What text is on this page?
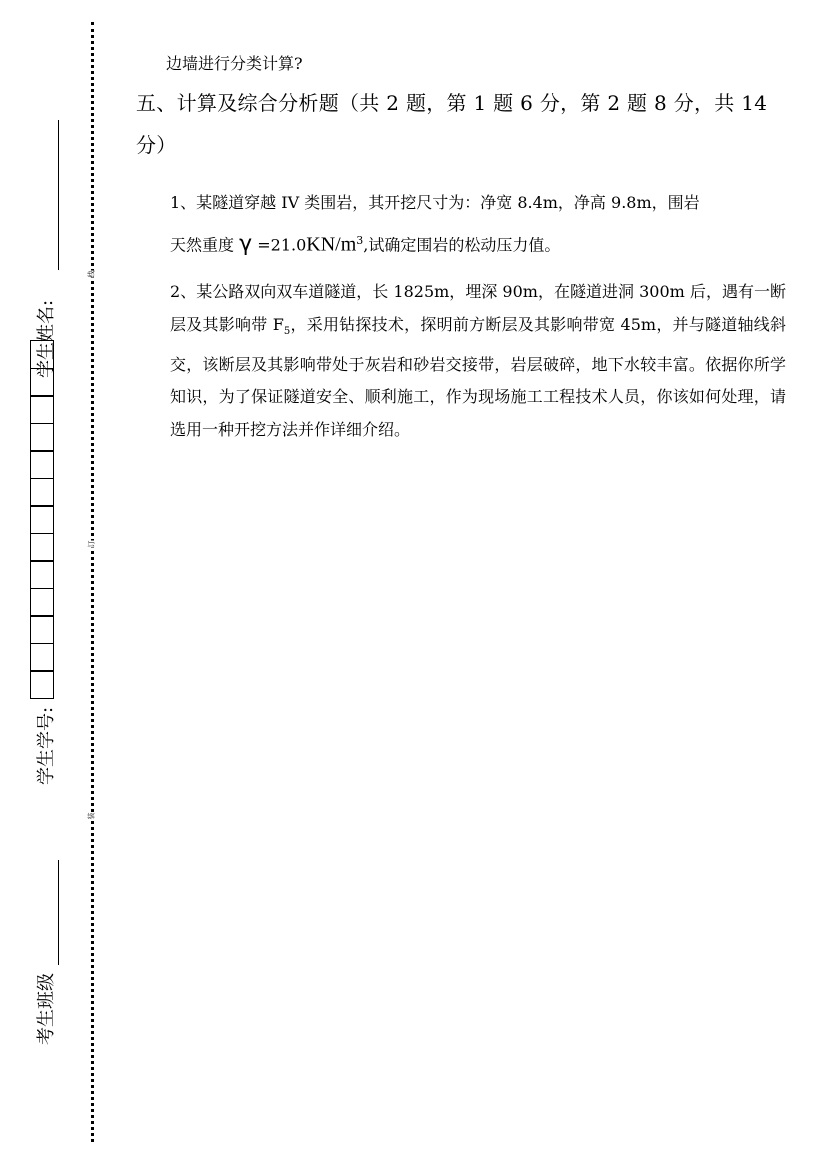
线
订
装
考生班级
学生学号:
学生姓名:
边墙进行分类计算?
五、计算及综合分析题（共 2 题，第 1 题 6 分，第 2 题 8 分，共 14
分）
1、某隧道穿越 IV 类围岩，其开挖尺寸为：净宽 8.4m，净高 9.8m，围岩
天然重度 $\gamma =21.0KN/m^3$,试确定围岩的松动压力值。
2、某公路双向双车道隧道，长 1825m，埋深 90m，在隧道进洞 300m 后，遇有一断层及其影响带 $F_5$，采用钻探技术，探明前方断层及其影响带宽 45m，并与隧道轴线斜交，该断层及其影响带处于灰岩和砂岩交接带，岩层破碎，地下水较丰富。依据你所学知识，为了保证隧道安全、顺利施工，作为现场施工工程技术人员，你该如何处理，请选用一种开挖方法并作详细介绍。
